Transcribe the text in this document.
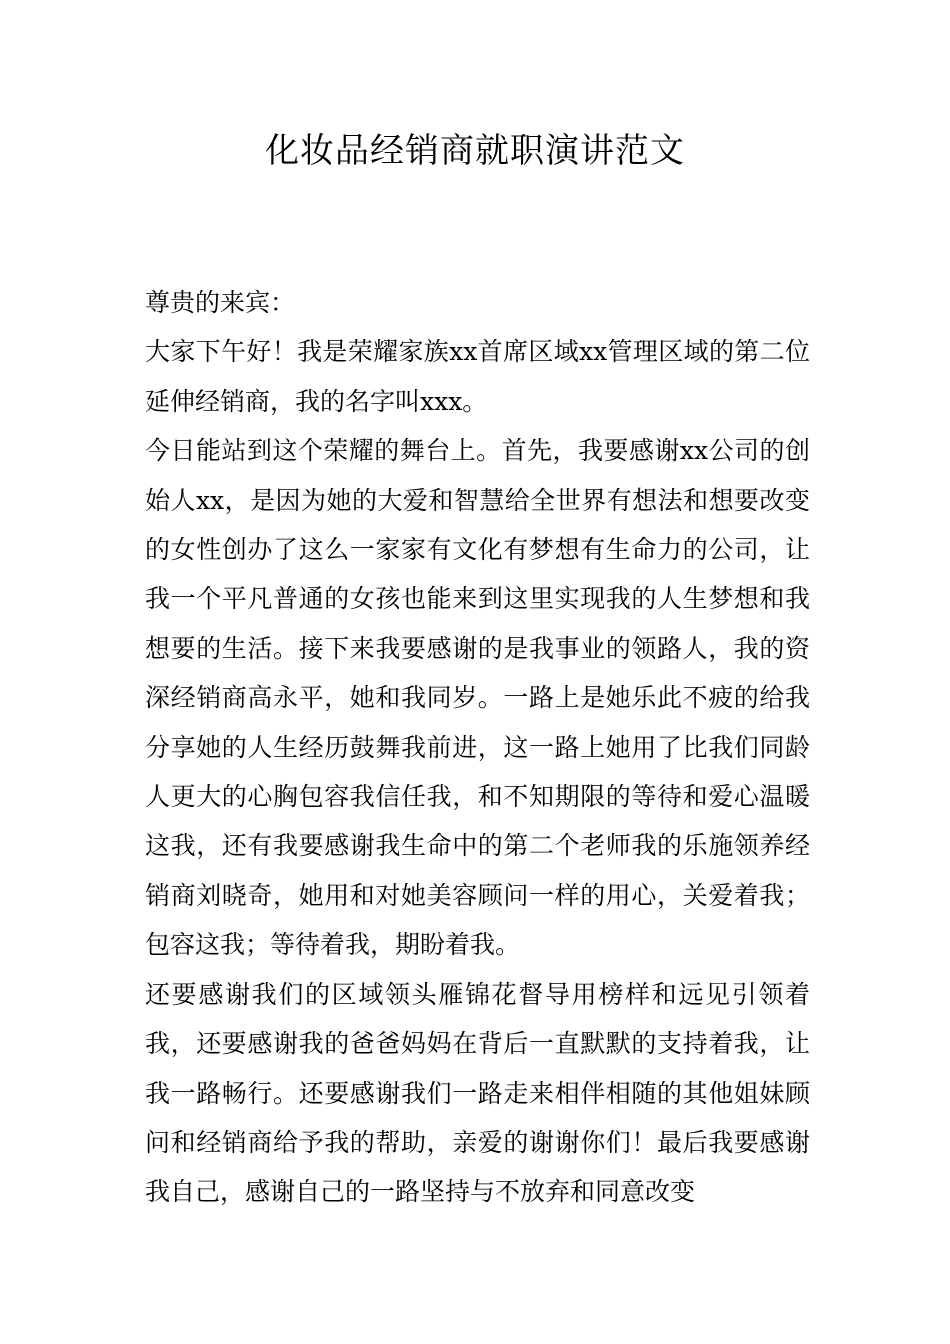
化妆品经销商就职演讲范文

尊贵的来宾：

大家下午好！我是荣耀家族xx首席区域xx管理区域的第二位延伸经销商，我的名字叫xxx。

今日能站到这个荣耀的舞台上。首先，我要感谢xx公司的创始人xx，是因为她的大爱和智慧给全世界有想法和想要改变的女性创办了这么一家家有文化有梦想有生命力的公司，让我一个平凡普通的女孩也能来到这里实现我的人生梦想和我想要的生活。接下来我要感谢的是我事业的领路人，我的资深经销商高永平，她和我同岁。一路上是她乐此不疲的给我分享她的人生经历鼓舞我前进，这一路上她用了比我们同龄人更大的心胸包容我信任我，和不知期限的等待和爱心温暖这我，还有我要感谢我生命中的第二个老师我的乐施领养经销商刘晓奇，她用和对她美容顾问一样的用心，关爱着我；包容这我；等待着我，期盼着我。

还要感谢我们的区域领头雁锦花督导用榜样和远见引领着我，还要感谢我的爸爸妈妈在背后一直默默的支持着我，让我一路畅行。还要感谢我们一路走来相伴相随的其他姐妹顾问和经销商给予我的帮助，亲爱的谢谢你们！最后我要感谢我自己，感谢自己的一路坚持与不放弃和同意改变
